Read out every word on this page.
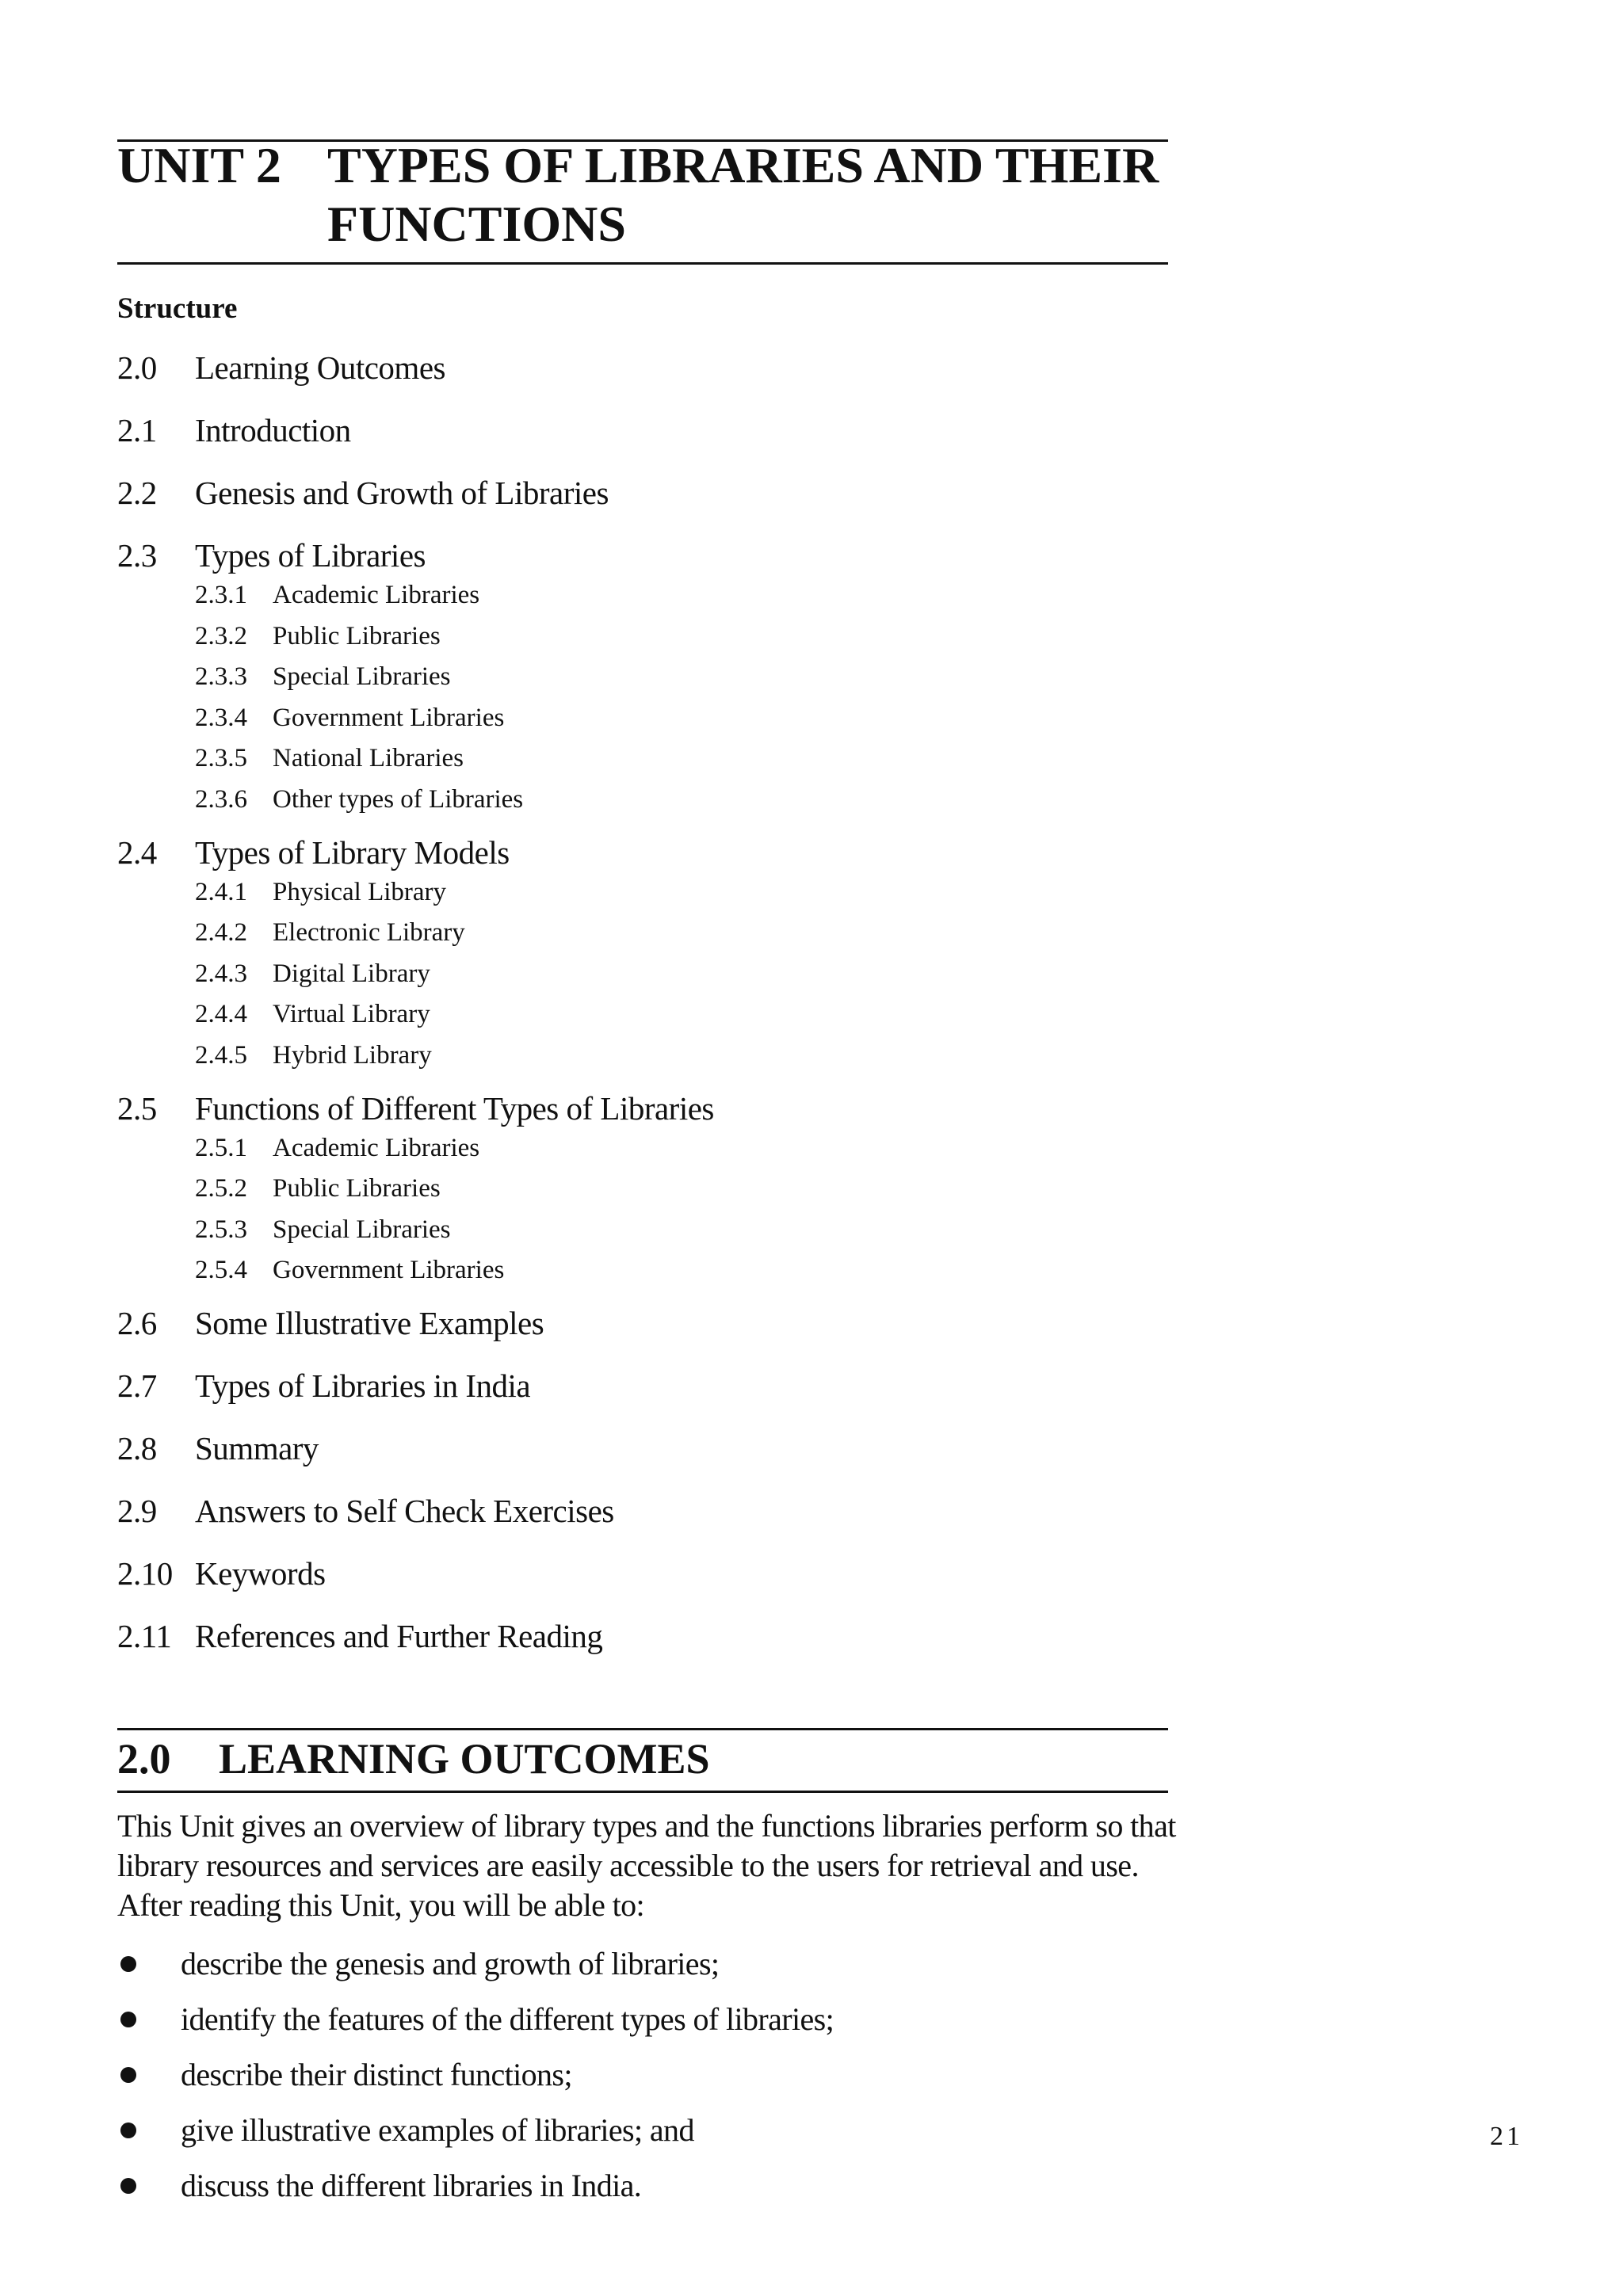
UNIT 2 TYPES OF LIBRARIES AND THEIR FUNCTIONS
Structure
2.0 Learning Outcomes
2.1 Introduction
2.2 Genesis and Growth of Libraries
2.3 Types of Libraries
2.3.1 Academic Libraries
2.3.2 Public Libraries
2.3.3 Special Libraries
2.3.4 Government Libraries
2.3.5 National Libraries
2.3.6 Other types of Libraries
2.4 Types of Library Models
2.4.1 Physical Library
2.4.2 Electronic Library
2.4.3 Digital Library
2.4.4 Virtual Library
2.4.5 Hybrid Library
2.5 Functions of Different Types of Libraries
2.5.1 Academic Libraries
2.5.2 Public Libraries
2.5.3 Special Libraries
2.5.4 Government Libraries
2.6 Some Illustrative Examples
2.7 Types of Libraries in India
2.8 Summary
2.9 Answers to Self Check Exercises
2.10 Keywords
2.11 References and Further Reading
2.0 LEARNING OUTCOMES

This Unit gives an overview of library types and the functions libraries perform so that

library resources and services are easily accessible to the users for retrieval and use.

After reading this Unit, you will be able to:

describe the genesis and growth of libraries;
identify the features of the different types of libraries;
describe their distinct functions;
give illustrative examples of libraries; and
discuss the different libraries in India.
21
